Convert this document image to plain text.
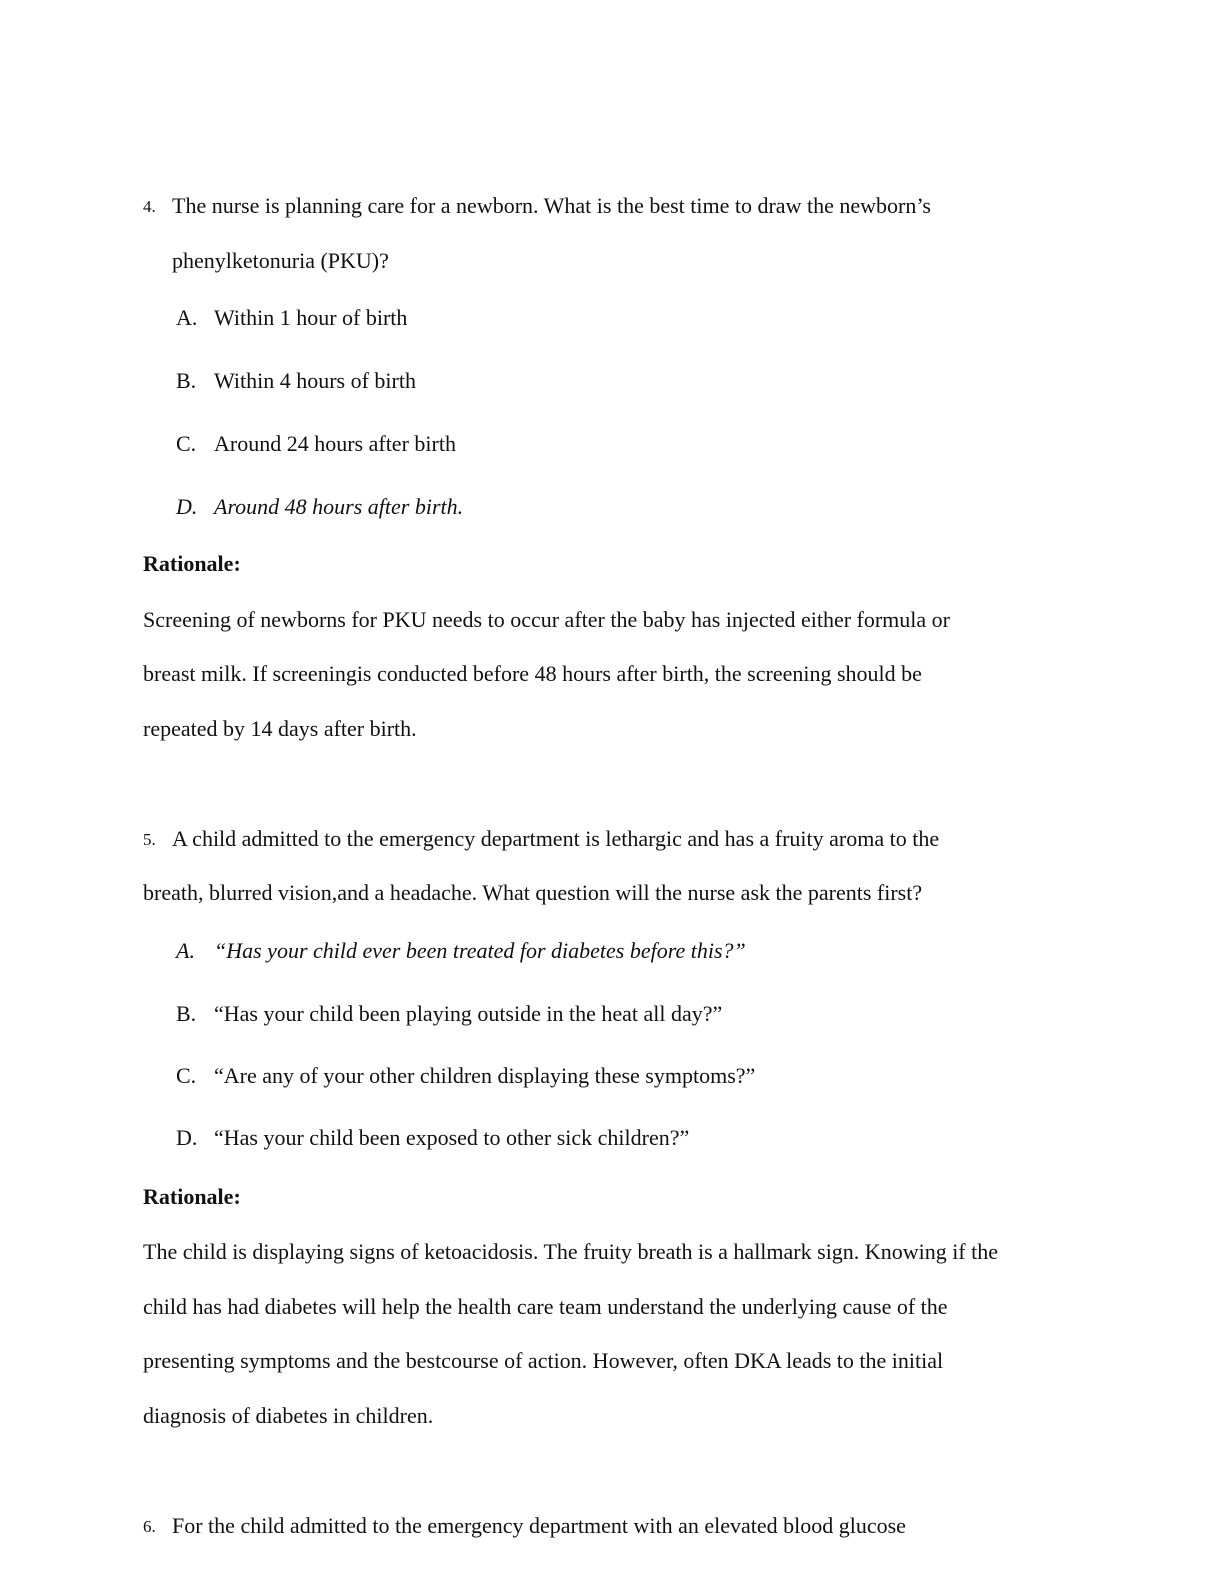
4. The nurse is planning care for a newborn. What is the best time to draw the newborn’s
phenylketonuria (PKU)?
A. Within 1 hour of birth
B. Within 4 hours of birth
C. Around 24 hours after birth
D. Around 48 hours after birth.
Rationale:
Screening of newborns for PKU needs to occur after the baby has injected either formula or
breast milk. If screeningis conducted before 48 hours after birth, the screening should be
repeated by 14 days after birth.
5. A child admitted to the emergency department is lethargic and has a fruity aroma to the
breath, blurred vision,and a headache. What question will the nurse ask the parents first?
A. “Has your child ever been treated for diabetes before this?”
B. “Has your child been playing outside in the heat all day?”
C. “Are any of your other children displaying these symptoms?”
D. “Has your child been exposed to other sick children?”
Rationale:
The child is displaying signs of ketoacidosis. The fruity breath is a hallmark sign. Knowing if the
child has had diabetes will help the health care team understand the underlying cause of the
presenting symptoms and the bestcourse of action. However, often DKA leads to the initial
diagnosis of diabetes in children.
6. For the child admitted to the emergency department with an elevated blood glucose
